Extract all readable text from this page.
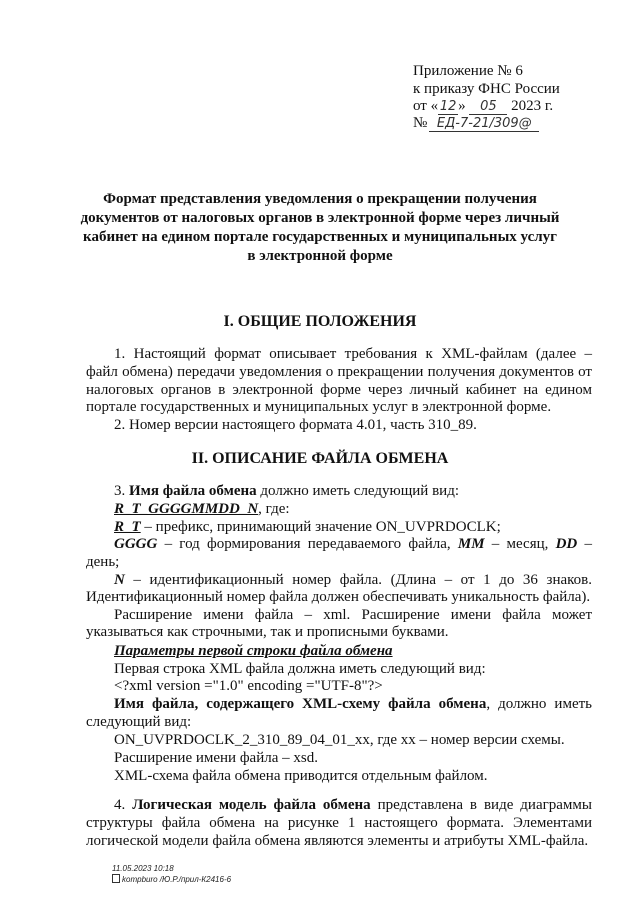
Приложение № 6
к приказу ФНС России
от « 12 » 05 2023 г.
№ ЕД-7-21/309@
Формат представления уведомления о прекращении получения
документов от налоговых органов в электронной форме через личный
кабинет на едином портале государственных и муниципальных услуг
в электронной форме
I. ОБЩИЕ ПОЛОЖЕНИЯ
1. Настоящий формат описывает требования к XML-файлам (далее –
файл обмена) передачи уведомления о прекращении получения документов от
налоговых органов в электронной форме через личный кабинет на едином
портале государственных и муниципальных услуг в электронной форме.
2. Номер версии настоящего формата 4.01, часть 310_89.
II. ОПИСАНИЕ ФАЙЛА ОБМЕНА
3. Имя файла обмена должно иметь следующий вид:
R_T_GGGGMMDD_N, где:
R_T – префикс, принимающий значение ON_UVPRDOCLK;
GGGG – год формирования передаваемого файла, MM – месяц, DD –
день;
N – идентификационный номер файла. (Длина – от 1 до 36 знаков.
Идентификационный номер файла должен обеспечивать уникальность файла).
Расширение имени файла – xml. Расширение имени файла может
указываться как строчными, так и прописными буквами.
Параметры первой строки файла обмена
Первая строка XML файла должна иметь следующий вид:
<?xml version ="1.0" encoding ="UTF-8"?>
Имя файла, содержащего XML-схему файла обмена, должно иметь
следующий вид:
ON_UVPRDOCLK_2_310_89_04_01_xx, где xx – номер версии схемы.
Расширение имени файла – xsd.
XML-схема файла обмена приводится отдельным файлом.
4. Логическая модель файла обмена представлена в виде диаграммы
структуры файла обмена на рисунке 1 настоящего формата. Элементами
логической модели файла обмена являются элементы и атрибуты XML-файла.
11.05.2023 10:18
kompburo /Ю.Р./прил-К2416-6
